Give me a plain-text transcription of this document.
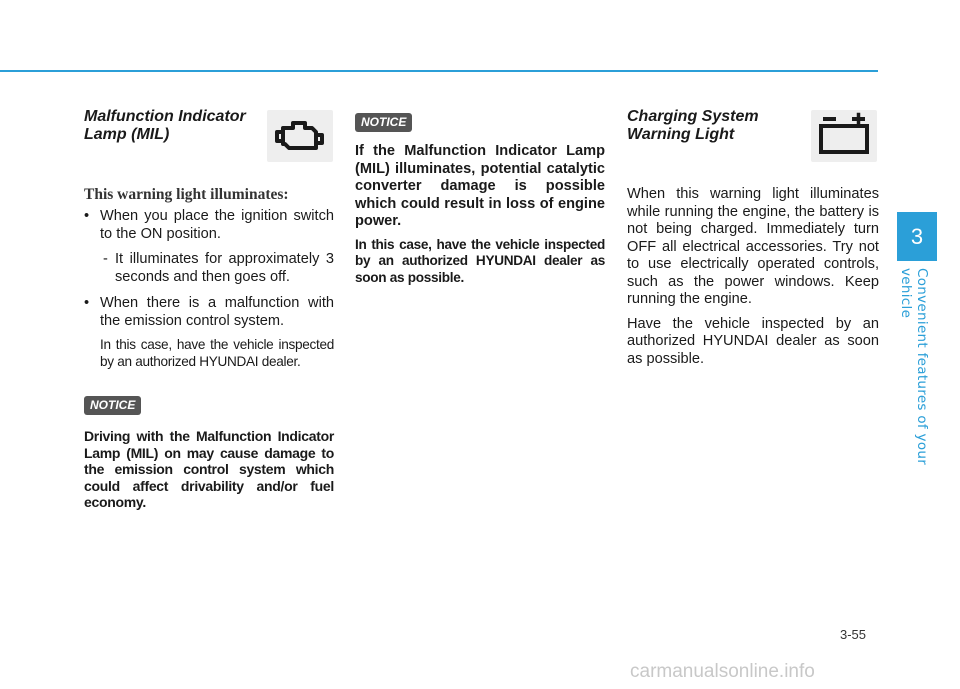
Malfunction Indicator
Lamp (MIL)

This warning light illuminates:

• When you place the ignition switch to the ON position.
- It illuminates for approximately 3 seconds and then goes off.
• When there is a malfunction with the emission control system.
In this case, have the vehicle inspected by an authorized HYUNDAI dealer.
NOTICE

Driving with the Malfunction Indicator Lamp (MIL) on may cause damage to the emission control system which could affect drivability and/or fuel economy.

NOTICE

If the Malfunction Indicator Lamp (MIL) illuminates, potential catalytic converter damage is possible which could result in loss of engine power.

In this case, have the vehicle inspected by an authorized HYUNDAI dealer as soon as possible.

Charging System
Warning Light

When this warning light illuminates while running the engine, the battery is not being charged. Immediately turn OFF all electrical accessories. Try not to use electrically operated controls, such as the power windows. Keep running the engine.

Have the vehicle inspected by an authorized HYUNDAI dealer as soon as possible.

3
Convenient features of your vehicle
3-55
carmanualsonline.info
